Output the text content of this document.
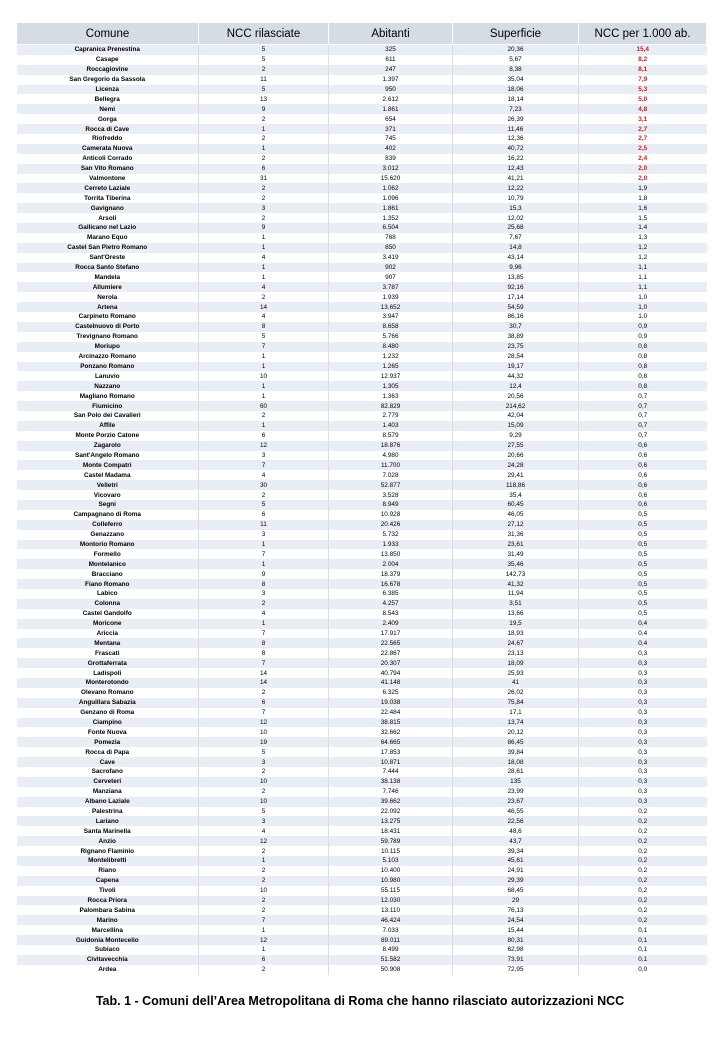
Comune	NCC rilasciate	Abitanti	Superficie	NCC per 1.000 ab.
Capranica Prenestina	5	325	20,36	15,4
Casape	5	611	5,67	8,2
Roccagiovine	2	247	8,38	8,1
San Gregorio da Sassola	11	1.397	35,04	7,9
Licenza	5	950	18,06	5,3
Bellegra	13	2.612	18,14	5,0
Nemi	9	1.861	7,23	4,8
Gorga	2	654	26,39	3,1
Rocca di Cave	1	371	11,46	2,7
Riofreddo	2	745	12,36	2,7
Camerata Nuova	1	402	40,72	2,5
Anticoli Corrado	2	839	16,22	2,4
San Vito Romano	6	3.012	12,43	2,0
Valmontone	31	15.620	41,21	2,0
Cerreto Laziale	2	1.062	12,22	1,9
Torrita Tiberina	2	1.096	10,79	1,8
Gavignano	3	1.861	15,3	1,6
Arsoli	2	1.352	12,02	1,5
Gallicano nel Lazio	9	6.504	25,68	1,4
Marano Equo	1	768	7,67	1,3
Castel San Pietro Romano	1	850	14,8	1,2
Sant'Oreste	4	3.419	43,14	1,2
Rocca Santo Stefano	1	902	9,96	1,1
Mandela	1	907	13,85	1,1
Allumiere	4	3.787	92,16	1,1
Nerola	2	1.939	17,14	1,0
Artena	14	13.652	54,59	1,0
Carpineto Romano	4	3.947	86,16	1,0
Castelnuovo di Porto	8	8.658	30,7	0,9
Trevignano Romano	5	5.766	38,89	0,9
Moriupo	7	8.480	23,75	0,8
Arcinazzo Romano	1	1.232	28,54	0,8
Ponzano Romano	1	1.265	19,17	0,8
Lanuvio	10	12.937	44,32	0,8
Nazzano	1	1.305	12,4	0,8
Magliano Romano	1	1.363	20,56	0,7
Fiumicino	60	82.829	214,62	0,7
San Polo dei Cavalieri	2	2.779	42,04	0,7
Affile	1	1.403	15,09	0,7
Monte Porzio Catone	6	8.579	9,29	0,7
Zagarolo	12	18.876	27,55	0,6
Sant'Angelo Romano	3	4.980	20,66	0,6
Monte Compatri	7	11.700	24,28	0,6
Castel Madama	4	7.028	29,41	0,6
Velletri	30	52.877	118,86	0,6
Vicovaro	2	3.528	35,4	0,6
Segni	5	8.949	60,45	0,6
Campagnano di Roma	6	10.928	46,05	0,5
Colleferro	11	20.426	27,12	0,5
Genazzano	3	5.732	31,36	0,5
Montorio Romano	1	1.933	23,61	0,5
Formello	7	13.850	31,49	0,5
Montelanico	1	2.004	35,46	0,5
Bracciano	9	18.379	142,73	0,5
Fiano Romano	8	16.678	41,32	0,5
Labico	3	6.385	11,94	0,5
Colonna	2	4.257	3,51	0,5
Castel Gandolfo	4	8.543	13,66	0,5
Moricone	1	2.409	19,5	0,4
Ariccia	7	17.917	18,93	0,4
Mentana	8	22.565	24,67	0,4
Frascati	8	22.867	23,13	0,3
Grottaferrata	7	20.307	18,09	0,3
Ladispoli	14	40.794	25,93	0,3
Monterotondo	14	41.148	41	0,3
Olevano Romano	2	6.325	26,02	0,3
Anguillara Sabazia	6	19.038	75,84	0,3
Genzano di Roma	7	22.484	17,1	0,3
Ciampino	12	38.815	13,74	0,3
Fonte Nuova	10	32.662	20,12	0,3
Pomezia	19	64.665	86,45	0,3
Rocca di Papa	5	17.853	39,84	0,3
Cave	3	10.871	18,08	0,3
Sacrofano	2	7.444	28,61	0,3
Cerveteri	10	38.138	135	0,3
Manziana	2	7.746	23,99	0,3
Albano Laziale	10	39.662	23,67	0,3
Palestrina	5	22.092	46,55	0,2
Lariano	3	13.275	22,56	0,2
Santa Marinella	4	18.431	48,6	0,2
Anzio	12	59.789	43,7	0,2
Rignano Flaminio	2	10.115	39,34	0,2
Montelibretti	1	5.103	45,61	0,2
Riano	2	10.400	24,91	0,2
Capena	2	10.980	29,39	0,2
Tivoli	10	55.115	68,45	0,2
Rocca Priora	2	12.030	29	0,2
Palombara Sabina	2	13.110	76,13	0,2
Marino	7	46.424	24,54	0,2
Marcellina	1	7.033	15,44	0,1
Guidonia Montecelio	12	89.011	80,31	0,1
Subiaco	1	8.499	62,98	0,1
Civitavecchia	6	51.582	73,91	0,1
Ardea	2	50.908	72,95	0,0
Tab. 1 - Comuni dell’Area Metropolitana di Roma che hanno rilasciato autorizzazioni NCC
